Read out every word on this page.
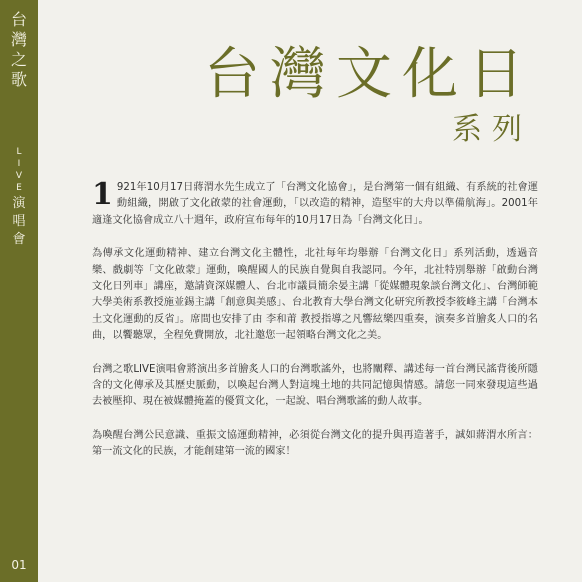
台
灣
之
歌
L
I
V
E
演
唱
會
01
台灣文化日
系列

1 921年10月17日蔣渭水先生成立了「台灣文化協會」，是台灣第一個有組織、有系統的社會運動組織，開啟了文化啟蒙的社會運動，「以改造的精神，造堅牢的大舟以準備航海」。2001年適逢文化協會成立八十週年，政府宣布每年的10月17日為「台灣文化日」。

為傳承文化運動精神、建立台灣文化主體性，北社每年均舉辦「台灣文化日」系列活動，透過音樂、戲劇等「文化啟蒙」運動，喚醒國人的民族自覺與自我認同。今年，北社特別舉辦「啟動台灣文化日列車」講座，邀請資深媒體人、台北市議員簡余晏主講「從媒體現象談台灣文化」、台灣師範大學美術系教授施並錫主講「創意與美感」、台北教育大學台灣文化研究所教授李筱峰主講「台灣本土文化運動的反省」。席間也安排了由 李和莆 教授指導之凡響絃樂四重奏，演奏多首膾炙人口的名曲，以饗聽眾，全程免費開放，北社邀您一起領略台灣文化之美。

台灣之歌LIVE演唱會將演出多首膾炙人口的台灣歌謠外，也將闡釋、講述每一首台灣民謠背後所隱含的文化傳承及其歷史脈動，以喚起台灣人對這塊土地的共同記憶與情感。請您一同來發現這些過去被壓抑、現在被媒體掩蓋的優質文化，一起說、唱台灣歌謠的動人故事。

為喚醒台灣公民意識、重振文協運動精神，必須從台灣文化的提升與再造著手，誠如蔣渭水所言：第一流文化的民族，才能創建第一流的國家！
